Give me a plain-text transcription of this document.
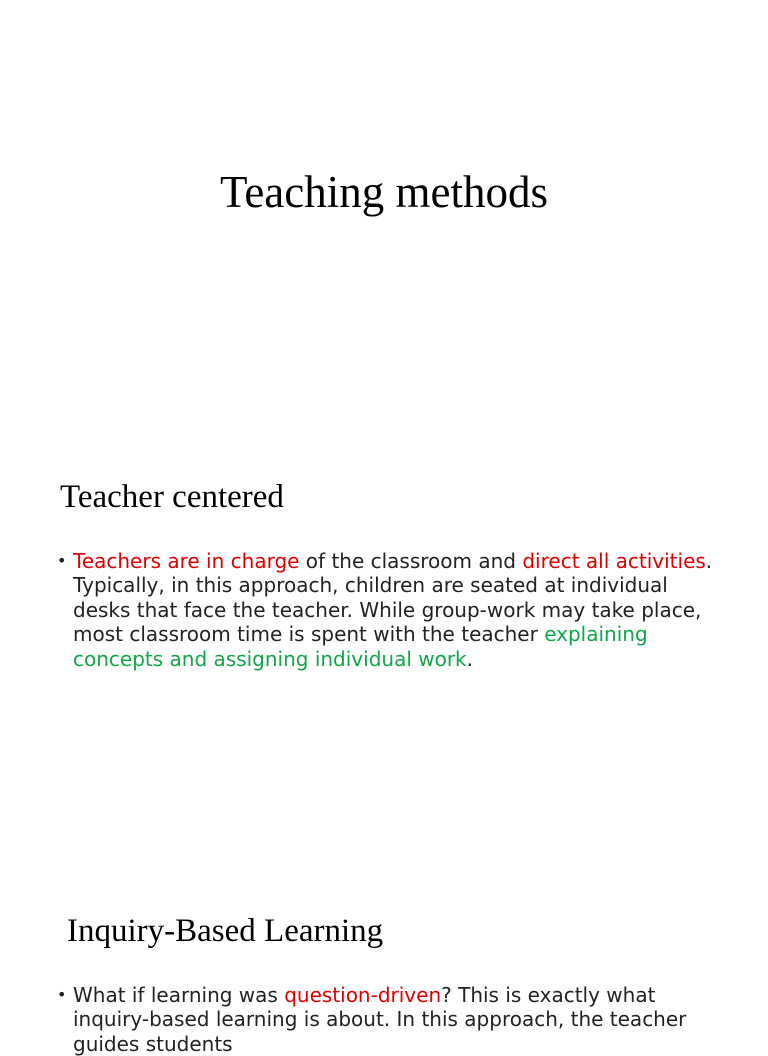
Teaching methods
Teacher centered

• Teachers are in charge of the classroom and direct all activities. Typically, in this approach, children are seated at individual desks that face the teacher. While group-work may take place, most classroom time is spent with the teacher explaining concepts and assigning individual work.

Inquiry-Based Learning

• What if learning was question-driven? This is exactly what inquiry-based learning is about. In this approach, the teacher guides students
